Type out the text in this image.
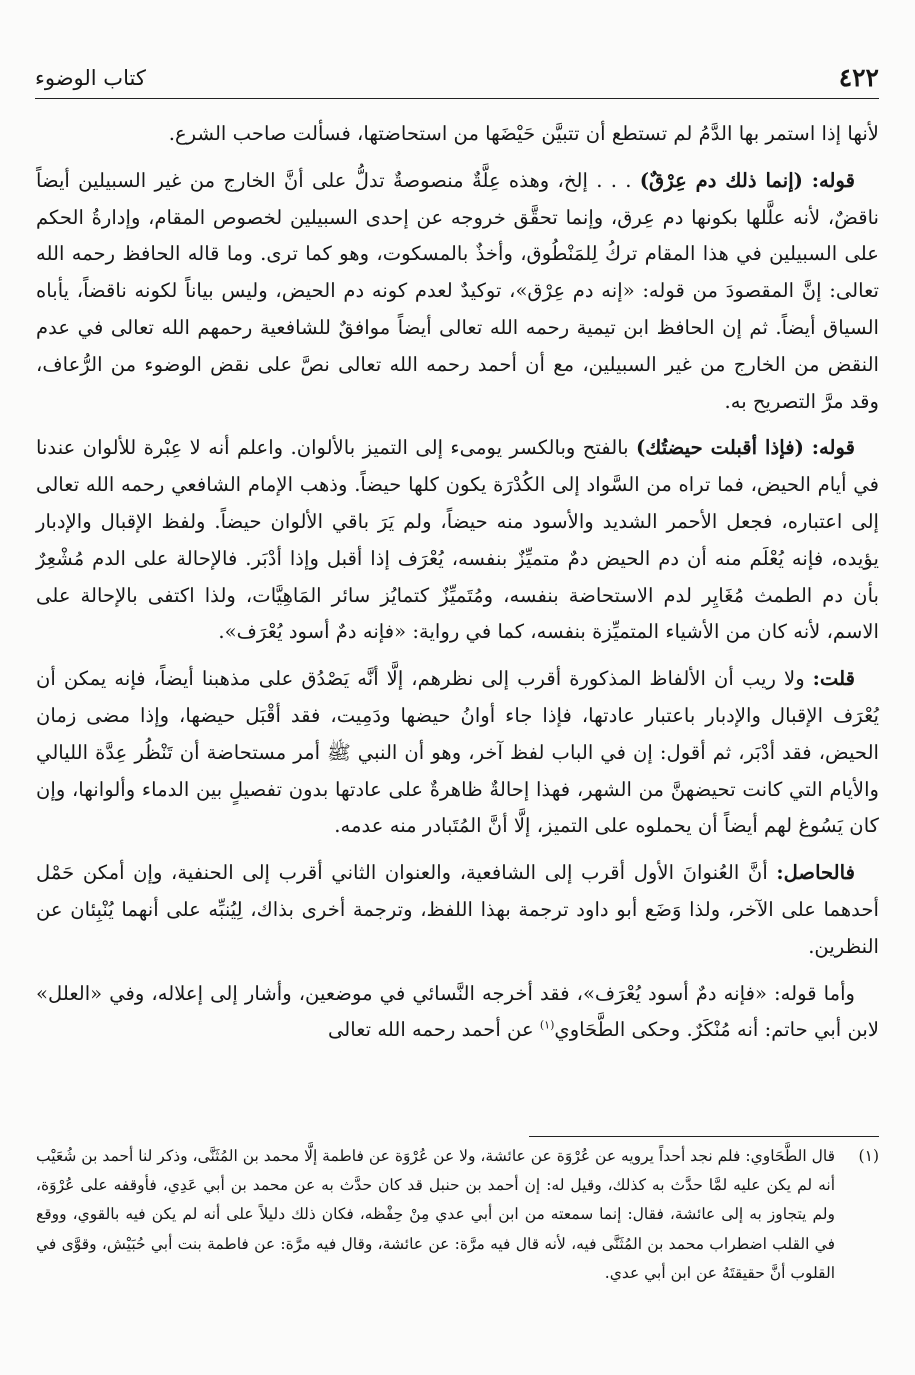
٤٢٢
كتاب الوضوء

لأنها إذا استمر بها الدَّمُ لم تستطع أن تتبيَّن حَيْضَها من استحاضتها، فسألت صاحب الشرع.

قوله: (إنما ذلك دم عِرْقٌ) . . . إلخ، وهذه عِلَّةٌ منصوصةٌ تدلُّ على أنَّ الخارج من غير السبيلين أيضاً ناقضٌ، لأنه علَّلها بكونها دم عِرق، وإنما تحقَّق خروجه عن إحدى السبيلين لخصوص المقام، وإدارةُ الحكم على السبيلين في هذا المقام تركُ لِلمَنْطُوق، وأخذٌ بالمسكوت، وهو كما ترى. وما قاله الحافظ رحمه الله تعالى: إنَّ المقصودَ من قوله: «إنه دم عِرْق»، توكيدٌ لعدم كونه دم الحيض، وليس بياناً لكونه ناقضاً، يأباه السياق أيضاً. ثم إن الحافظ ابن تيمية رحمه الله تعالى أيضاً موافقٌ للشافعية رحمهم الله تعالى في عدم النقض من الخارج من غير السبيلين، مع أن أحمد رحمه الله تعالى نصَّ على نقض الوضوء من الرُّعاف، وقد مرَّ التصريح به.

قوله: (فإذا أقبلت حيضتُك) بالفتح وبالكسر يومىء إلى التميز بالألوان. واعلم أنه لا عِبْرة للألوان عندنا في أيام الحيض، فما تراه من السَّواد إلى الكُدْرَة يكون كلها حيضاً. وذهب الإمام الشافعي رحمه الله تعالى إلى اعتباره، فجعل الأحمر الشديد والأسود منه حيضاً، ولم يَرَ باقي الألوان حيضاً. ولفظ الإقبال والإدبار يؤيده، فإنه يُعْلَم منه أن دم الحيض دمٌ متميِّزٌ بنفسه، يُعْرَف إذا أقبل وإذا أدْبَر. فالإحالة على الدم مُشْعِرٌ بأن دم الطمث مُغَايِر لدم الاستحاضة بنفسه، ومُتَميِّزٌ كتمايُز سائر المَاهِيَّات، ولذا اكتفى بالإحالة على الاسم، لأنه كان من الأشياء المتميِّزة بنفسه، كما في رواية: «فإنه دمٌ أسود يُعْرَف».

قلت: ولا ريب أن الألفاظ المذكورة أقرب إلى نظرهم، إلَّا أنَّه يَصْدُق على مذهبنا أيضاً، فإنه يمكن أن يُعْرَف الإقبال والإدبار باعتبار عادتها، فإذا جاء أوانُ حيضها ودَمِيت، فقد أقْبَل حيضها، وإذا مضى زمان الحيض، فقد أدْبَر، ثم أقول: إن في الباب لفظ آخر، وهو أن النبي ﷺ أمر مستحاضة أن تَنْظُر عِدَّة الليالي والأيام التي كانت تحيضهنَّ من الشهر، فهذا إحالةٌ ظاهرةٌ على عادتها بدون تفصيلٍ بين الدماء وألوانها، وإن كان يَسُوغ لهم أيضاً أن يحملوه على التميز، إلَّا أنَّ المُتَبادر منه عدمه.

فالحاصل: أنَّ العُنوانَ الأول أقرب إلى الشافعية، والعنوان الثاني أقرب إلى الحنفية، وإن أمكن حَمْل أحدهما على الآخر، ولذا وَضَع أبو داود ترجمة بهذا اللفظ، وترجمة أخرى بذاك، لِيُنبِّه على أنهما يُنْبِئان عن النظرين.

وأما قوله: «فإنه دمٌ أسود يُعْرَف»، فقد أخرجه النَّسائي في موضعين، وأشار إلى إعلاله، وفي «العلل» لابن أبي حاتم: أنه مُنْكَرٌ. وحكى الطَّحَاوي$^{(١)}$ عن أحمد رحمه الله تعالى

(١)
قال الطَّحَاوي: فلم نجد أحداً يرويه عن عُرْوَة عن عائشة، ولا عن عُرْوَة عن فاطمة إلَّا محمد بن المُثَنَّى، وذكر لنا أحمد بن شُعَيْب أنه لم يكن عليه لمَّا حدَّث به كذلك، وقيل له: إن أحمد بن حنبل قد كان حدَّث به عن محمد بن أبي عَدِي، فأوقفه على عُرْوَة، ولم يتجاوز به إلى عائشة، فقال: إنما سمعته من ابن أبي عدي مِنْ حِفْظه، فكان ذلك دليلاً على أنه لم يكن فيه بالقوي، ووقع في القلب اضطراب محمد بن المُثَنَّى فيه، لأنه قال فيه مرَّة: عن عائشة، وقال فيه مرَّة: عن فاطمة بنت أبي حُبَيْش، وقوَّى في القلوب أنَّ حقيقتَهُ عن ابن أبي عدي.
